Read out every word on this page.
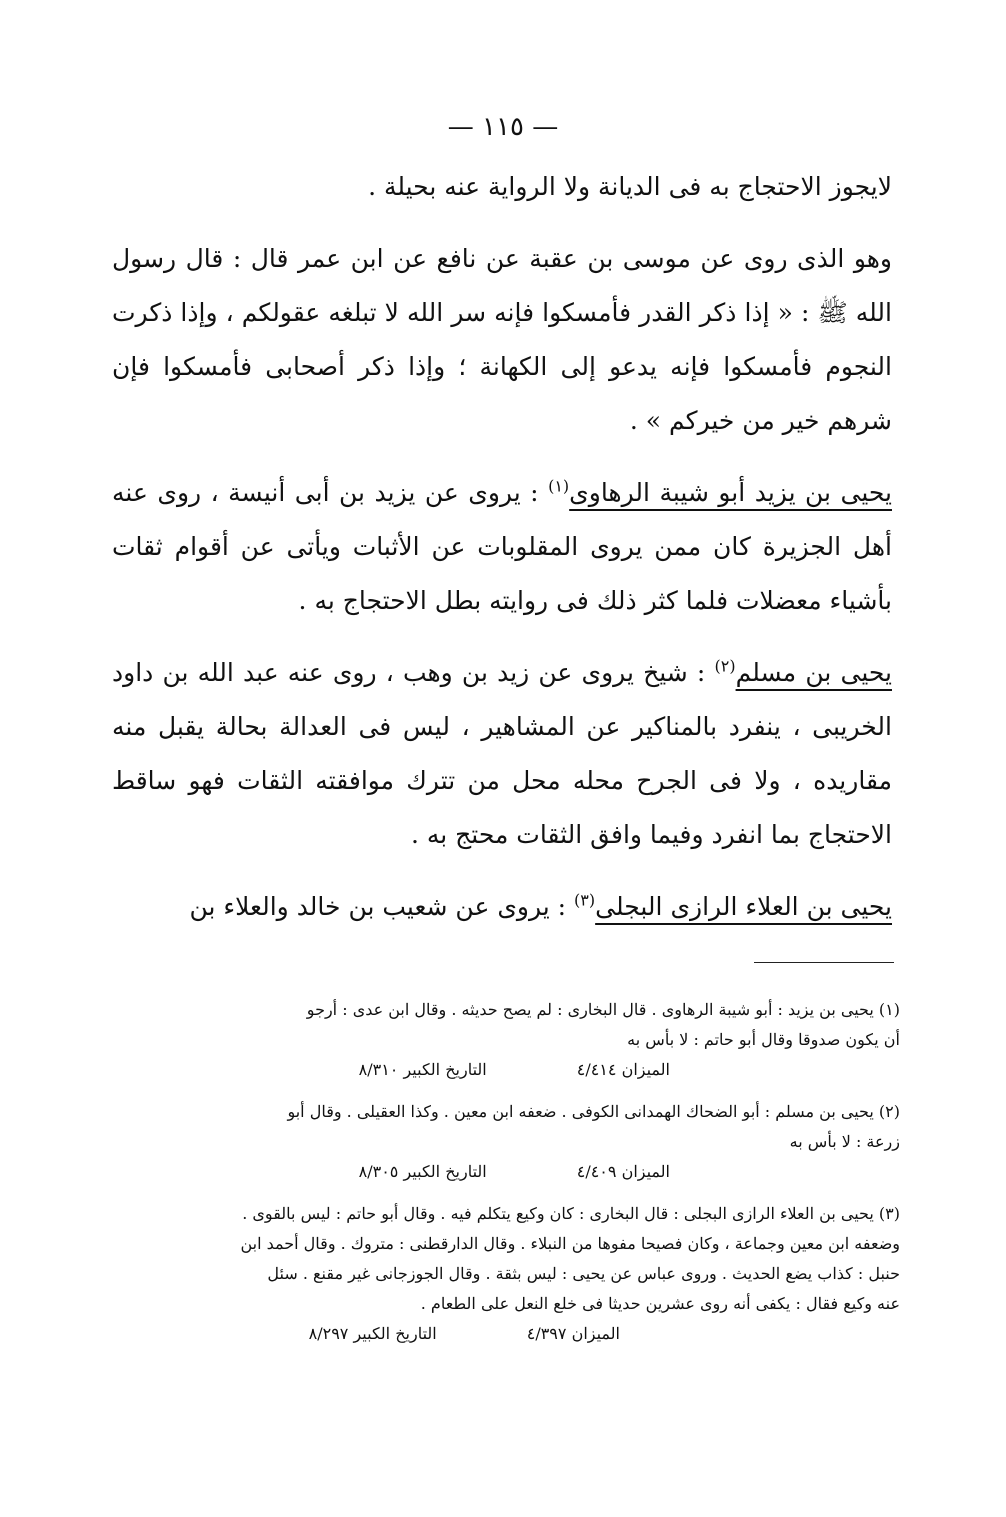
— ١١٥ —

لايجوز الاحتجاج به فى الديانة ولا الرواية عنه بحيلة .

وهو الذى روى عن موسى بن عقبة عن نافع عن ابن عمر قال : قال رسول الله ﷺ : « إذا ذكر القدر فأمسكوا فإنه سر الله لا تبلغه عقولكم ، وإذا ذكرت النجوم فأمسكوا فإنه يدعو إلى الكهانة ؛ وإذا ذكر أصحابى فأمسكوا فإن شرهم خير من خيركم » .

يحيى بن يزيد أبو شيبة الرهاوى$^{(١)}$ : يروى عن يزيد بن أبى أنيسة ، روى عنه أهل الجزيرة كان ممن يروى المقلوبات عن الأثبات ويأتى عن أقوام ثقات بأشياء معضلات فلما كثر ذلك فى روايته بطل الاحتجاج به .

يحيى بن مسلم$^{(٢)}$ : شيخ يروى عن زيد بن وهب ، روى عنه عبد الله بن داود الخريبى ، ينفرد بالمناكير عن المشاهير ، ليس فى العدالة بحالة يقبل منه مقاريده ، ولا فى الجرح محله محل من تترك موافقته الثقات فهو ساقط الاحتجاج بما انفرد وفيما وافق الثقات محتج به .

يحيى بن العلاء الرازى البجلى$^{(٣)}$ : يروى عن شعيب بن خالد والعلاء بن

(١) يحيى بن يزيد : أبو شيبة الرهاوى . قال البخارى : لم يصح حديثه . وقال ابن عدى : أرجو
أن يكون صدوقا وقال أبو حاتم : لا بأس به
الميزان ٤/٤١٤
التاريخ الكبير ٨/٣١٠
(٢) يحيى بن مسلم : أبو الضحاك الهمدانى الكوفى . ضعفه ابن معين . وكذا العقيلى . وقال أبو
زرعة : لا بأس به
الميزان ٤/٤٠٩
التاريخ الكبير ٨/٣٠٥
(٣) يحيى بن العلاء الرازى البجلى : قال البخارى : كان وكيع يتكلم فيه . وقال أبو حاتم : ليس بالقوى .
وضعفه ابن معين وجماعة ، وكان فصيحا مفوها من النبلاء . وقال الدارقطنى : متروك . وقال أحمد ابن
حنبل : كذاب يضع الحديث . وروى عباس عن يحيى : ليس بثقة . وقال الجوزجانى غير مقنع . سئل
عنه وكيع فقال : يكفى أنه روى عشرين حديثا فى خلع النعل على الطعام .
الميزان ٤/٣٩٧
التاريخ الكبير ٨/٢٩٧
